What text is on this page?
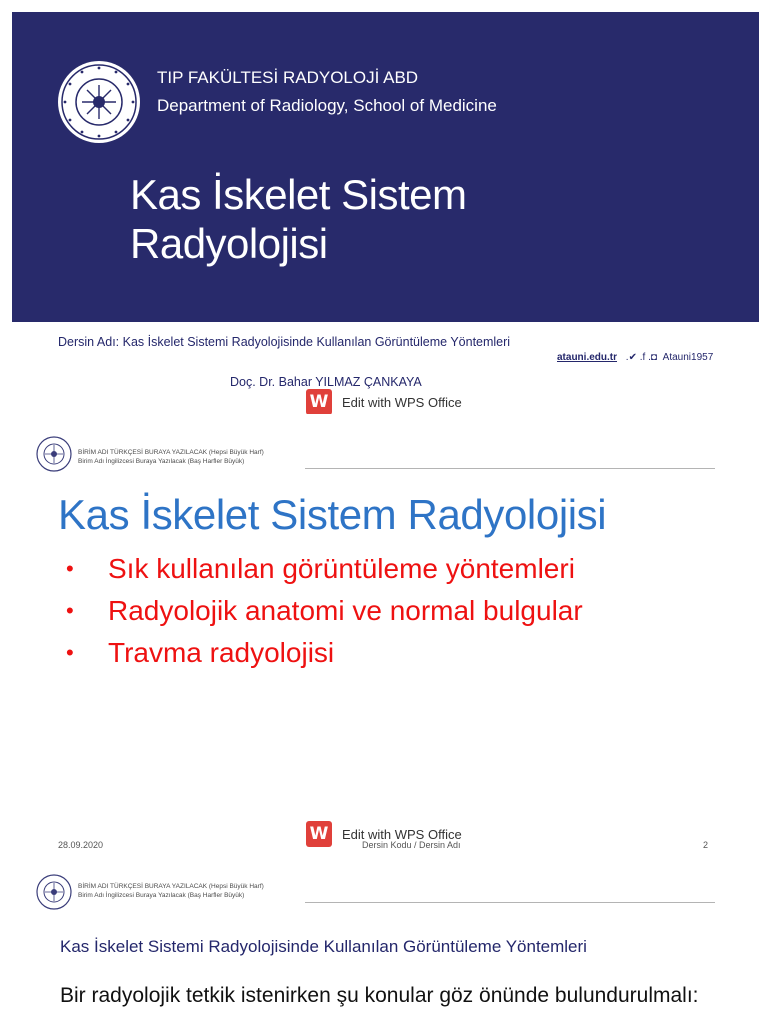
TIP FAKÜLTESİ RADYOLOJİ ABD
Department of Radiology, School of Medicine
Kas İskelet Sistem
Radyolojisi
Dersin Adı: Kas İskelet Sistemi Radyolojisinde Kullanılan Görüntüleme Yöntemleri
atauni.edu.tr .✔ .f .◘ Atauni1957
Doç. Dr. Bahar YILMAZ ÇANKAYA
W Edit with WPS Office
BİRİM ADI TÜRKÇESİ BURAYA YAZILACAK (Hepsi Büyük Harf)
Birim Adı İngilizcesi Buraya Yazılacak (Baş Harfler Büyük)
Kas İskelet Sistem Radyolojisi
• Sık kullanılan görüntüleme yöntemleri
• Radyolojik anatomi ve normal bulgular
• Travma radyolojisi
28.09.2020	Dersin Kodu / Dersin Adı	2
W Edit with WPS Office
BİRİM ADI TÜRKÇESİ BURAYA YAZILACAK (Hepsi Büyük Harf)
Birim Adı İngilizcesi Buraya Yazılacak (Baş Harfler Büyük)
Kas İskelet Sistemi Radyolojisinde Kullanılan Görüntüleme Yöntemleri

Bir radyolojik tetkik istenirken şu konular göz önünde bulundurulmalı:
